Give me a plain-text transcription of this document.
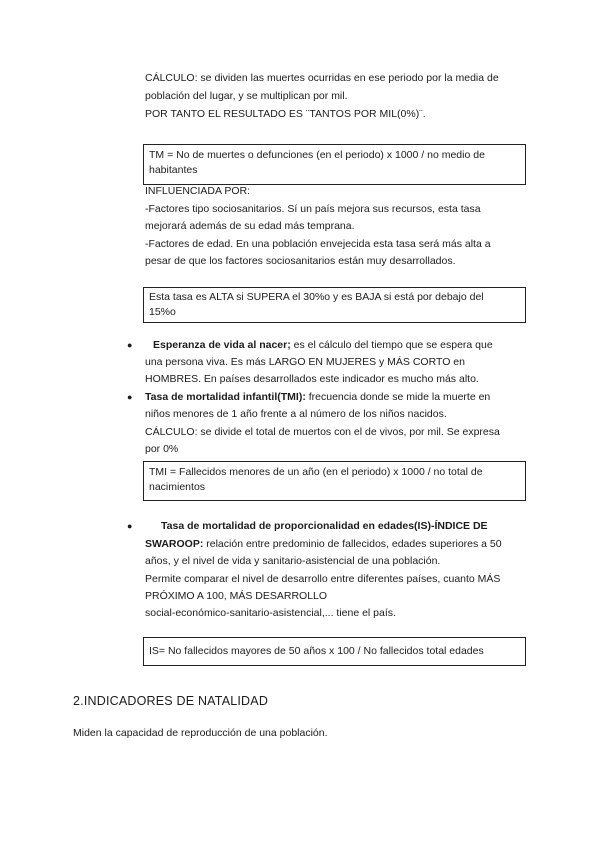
CÁLCULO: se dividen las muertes ocurridas en ese periodo por la media de

población del lugar, y se multiplican por mil.

POR TANTO EL RESULTADO ES ¨TANTOS POR MIL(0%)¨.

TM = No de muertes o defunciones (en el periodo) x 1000 / no medio de
habitantes

INFLUENCIADA POR:

-Factores tipo sociosanitarios. Sí un país mejora sus recursos, esta tasa

mejorará además de su edad más temprana.

-Factores de edad. En una población envejecida esta tasa será más alta a

pesar de que los factores sociosanitarios están muy desarrollados.

Esta tasa es ALTA si SUPERA el 30%o y es BAJA si está por debajo del
15%o
● Esperanza de vida al nacer; es el cálculo del tiempo que se espera que

una persona viva. Es más LARGO EN MUJERES y MÁS CORTO en

HOMBRES. En países desarrollados este indicador es mucho más alto.

● Tasa de mortalidad infantil(TMI): frecuencia donde se mide la muerte en

niños menores de 1 año frente a al número de los niños nacidos.

CÁLCULO: se divide el total de muertos con el de vivos, por mil. Se expresa

por 0%

TMI = Fallecidos menores de un año (en el periodo) x 1000 / no total de
nacimientos
●	Tasa de mortalidad de proporcionalidad en edades(IS)-ÍNDICE DE

SWAROOP: relación entre predominio de fallecidos, edades superiores a 50

años, y el nivel de vida y sanitario-asistencial de una población.

Permite comparar el nivel de desarrollo entre diferentes países, cuanto MÁS

PRÓXIMO A 100, MÁS DESARROLLO

social-económico-sanitario-asistencial,... tiene el país.

IS= No fallecidos mayores de 50 años x 100 / No fallecidos total edades
2.INDICADORES DE NATALIDAD

Miden la capacidad de reproducción de una población.
